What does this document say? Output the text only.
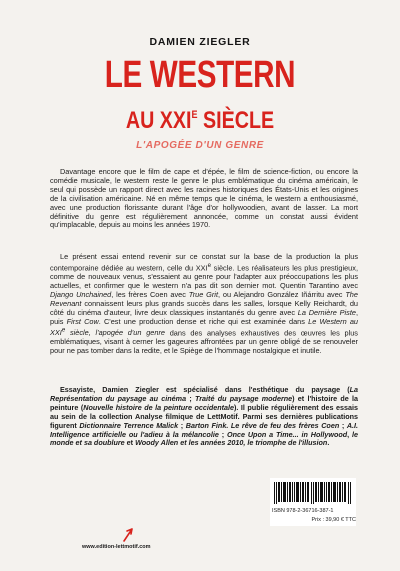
DAMIEN ZIEGLER
LE WESTERN
AU $XXI^E$ SIÈCLE
L'APOGÉE D'UN GENRE

Davantage encore que le film de cape et d'épée, le film de science-fiction, ou encore la comédie musicale, le western reste le genre le plus emblématique du cinéma américain, le seul qui possède un rapport direct avec les racines historiques des États-Unis et les origines de la civilisation américaine. Né en même temps que le cinéma, le western a enthousiasmé, avec une production florissante durant l'âge d'or hollywoodien, avant de lasser. La mort définitive du genre est régulièrement annoncée, comme un constat aussi évident qu'implacable, depuis au moins les années 1970.

Le présent essai entend revenir sur ce constat sur la base de la production la plus contemporaine dédiée au western, celle du XXIe siècle. Les réalisateurs les plus prestigieux, comme de nouveaux venus, s'essaient au genre pour l'adapter aux préoccupations les plus actuelles, et confirmer que le western n'a pas dit son dernier mot. Quentin Tarantino avec Django Unchained, les frères Coen avec True Grit, ou Alejandro González Iñárritu avec The Revenant connaissent leurs plus grands succès dans les salles, lorsque Kelly Reichardt, du côté du cinéma d'auteur, livre deux classiques instantanés du genre avec La Dernière Piste, puis First Cow. C'est une production dense et riche qui est examinée dans Le Western au XXIe siècle, l'apogée d'un genre dans des analyses exhaustives des œuvres les plus emblématiques, visant à cerner les gageures affrontées par un genre obligé de se renouveler pour ne pas tomber dans la redite, et le Spiège de l'hommage nostalgique et inutile.

Essayiste, Damien Ziegler est spécialisé dans l'esthétique du paysage (La Représentation du paysage au cinéma ; Traité du paysage moderne) et l'histoire de la peinture (Nouvelle histoire de la peinture occidentale). Il publie régulièrement des essais au sein de la collection Analyse filmique de LettMotif. Parmi ses dernières publications figurent Dictionnaire Terrence Malick ; Barton Fink. Le rêve de feu des frères Coen ; A.I. Intelligence artificielle ou l'adieu à la mélancolie ; Once Upon a Time... in Hollywood, le monde et sa doublure et Woody Allen et les années 2010, le triomphe de l'illusion.

ISBN 978-2-36716-387-1
Prix : 39,90 € TTC
www.edition-lettmotif.com
